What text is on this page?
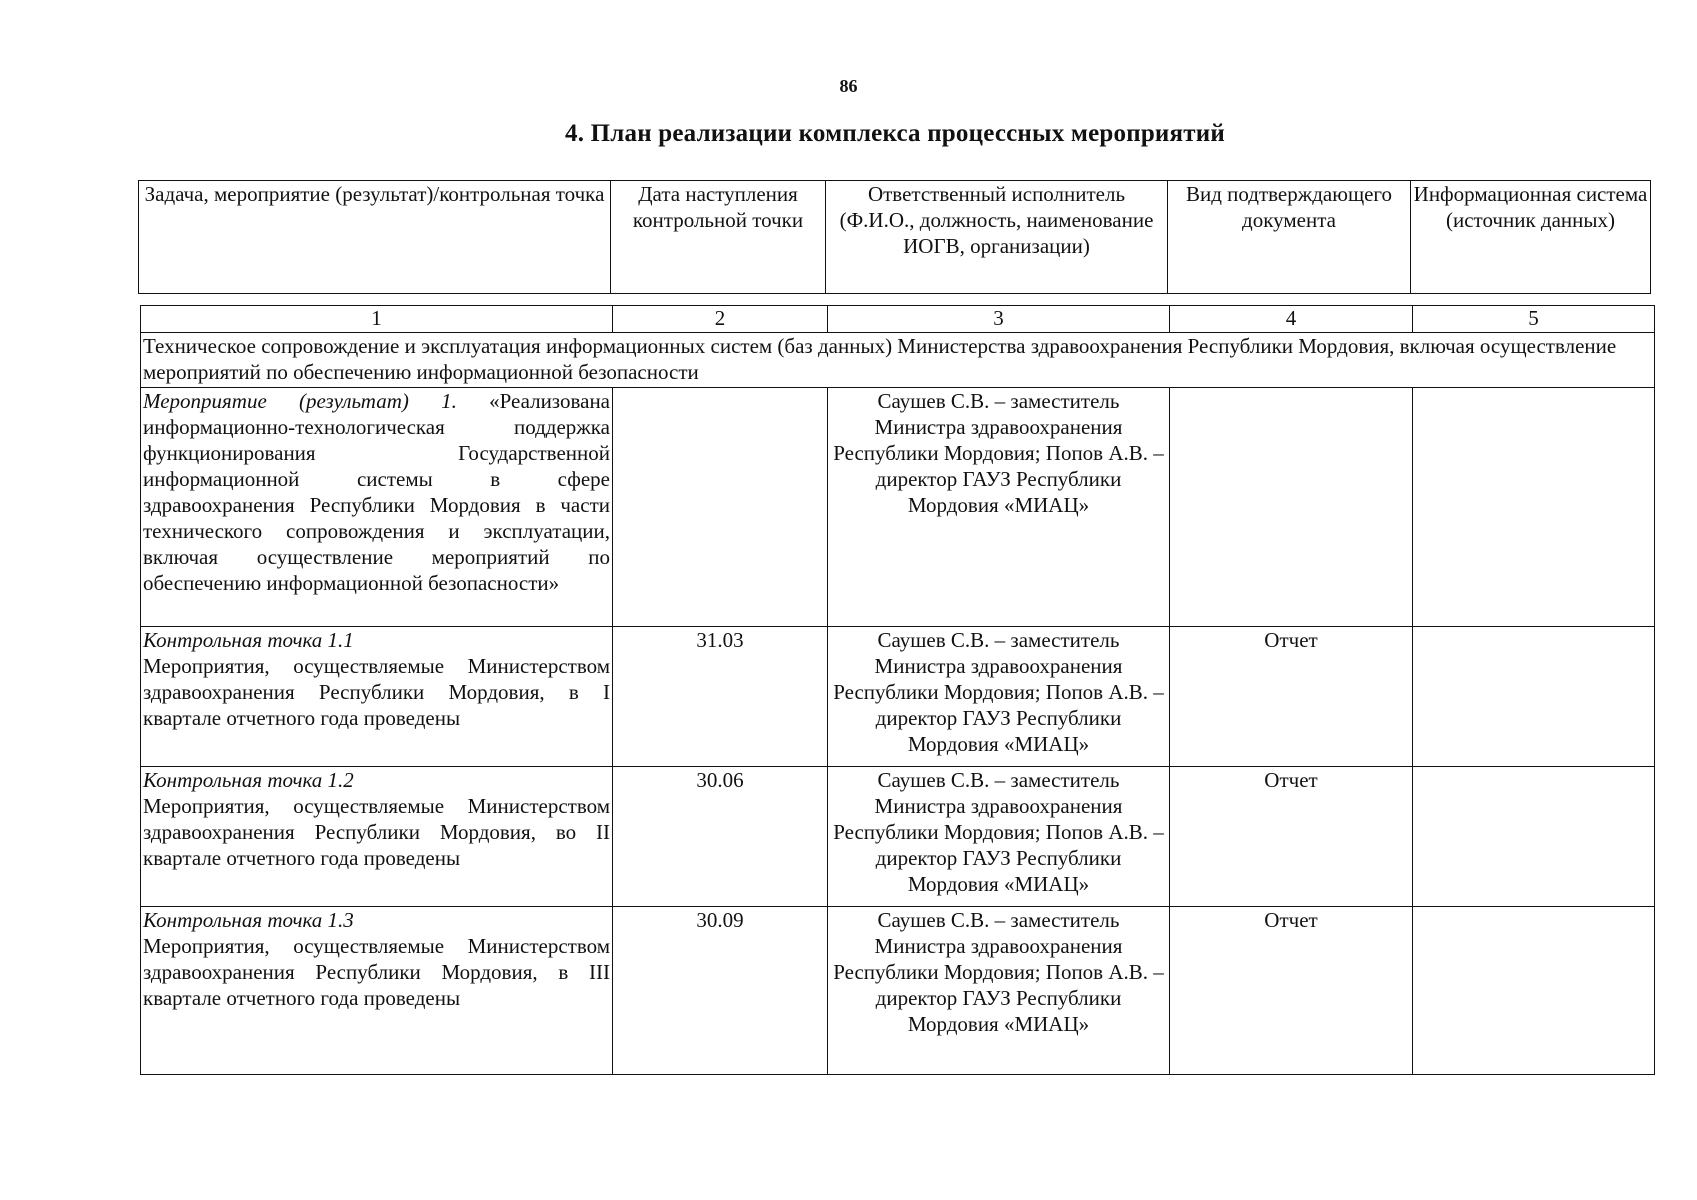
86
4. План реализации комплекса процессных мероприятий
Задача, мероприятие (результат)/контрольная точка	Дата наступления контрольной точки	Ответственный исполнитель (Ф.И.О., должность, наименование ИОГВ, организации)	Вид подтверждающего документа	Информационная система (источник данных)
1	2	3	4	5
Техническое сопровождение и эксплуатация информационных систем (баз данных) Министерства здравоохранения Республики Мордовия, включая осуществление мероприятий по обеспечению информационной безопасности				
Мероприятие (результат) 1. «Реализована информационно-технологическая поддержка функционирования Государственной информационной системы в сфере здравоохранения Республики Мордовия в части технического сопровождения и эксплуатации, включая осуществление мероприятий по обеспечению информационной безопасности»		Саушев С.В. – заместитель Министра здравоохранения Республики Мордовия; Попов А.В. – директор ГАУЗ Республики Мордовия «МИАЦ»		

Контрольная точка 1.1
Мероприятия, осуществляемые Министерством здравоохранения Республики Мордовия, в I квартале отчетного года проведены	31.03	Саушев С.В. – заместитель Министра здравоохранения Республики Мордовия; Попов А.В. – директор ГАУЗ Республики Мордовия «МИАЦ»	Отчет	

Контрольная точка 1.2
Мероприятия, осуществляемые Министерством здравоохранения Республики Мордовия, во II квартале отчетного года проведены	30.06	Саушев С.В. – заместитель Министра здравоохранения Республики Мордовия; Попов А.В. – директор ГАУЗ Республики Мордовия «МИАЦ»	Отчет	

Контрольная точка 1.3
Мероприятия, осуществляемые Министерством здравоохранения Республики Мордовия, в III квартале отчетного года проведены	30.09	Саушев С.В. – заместитель Министра здравоохранения Республики Мордовия; Попов А.В. – директор ГАУЗ Республики Мордовия «МИАЦ»	Отчет	
